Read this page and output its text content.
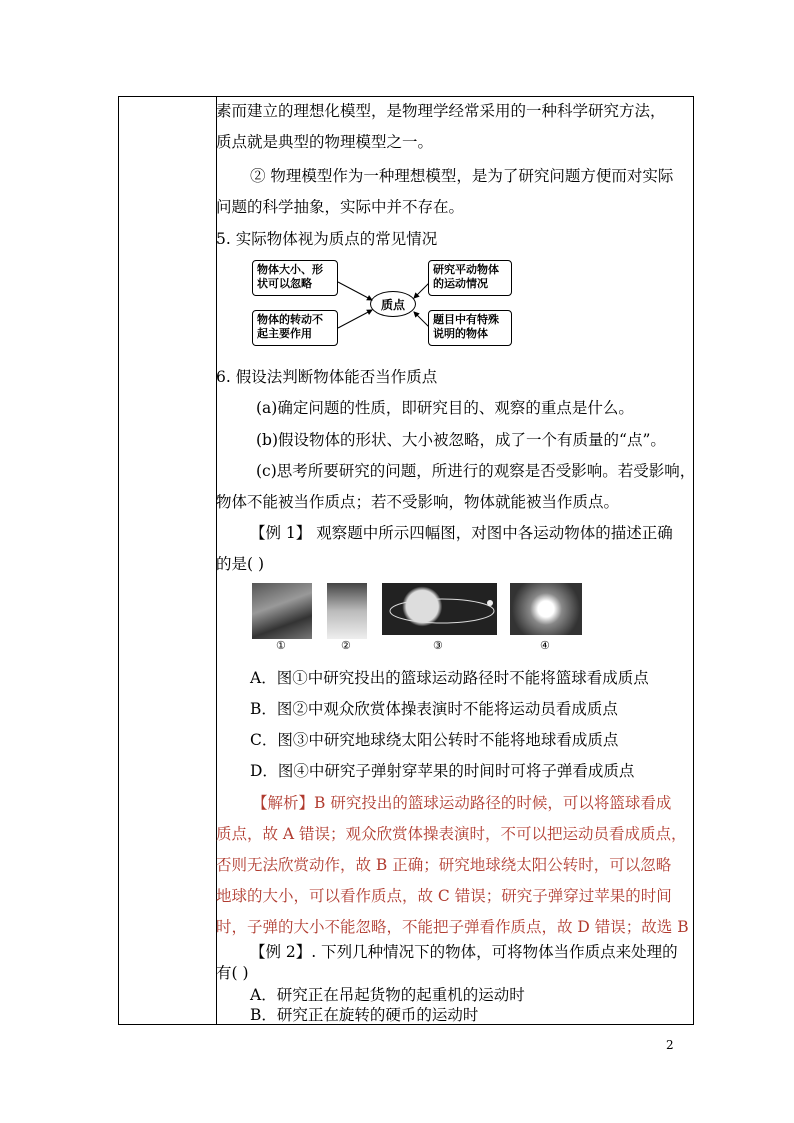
素而建立的理想化模型，是物理学经常采用的一种科学研究方法，
质点就是典型的物理模型之一。
② 物理模型作为一种理想模型，是为了研究问题方便而对实际
问题的科学抽象，实际中并不存在。
5. 实际物体视为质点的常见情况
物体大小、形状可以忽略
物体的转动不起主要作用
质点
研究平动物体的运动情况
题目中有特殊说明的物体
6. 假设法判断物体能否当作质点
(a)确定问题的性质，即研究目的、观察的重点是什么。
(b)假设物体的形状、大小被忽略，成了一个有质量的“点”。
(c)思考所要研究的问题，所进行的观察是否受影响。若受影响，
物体不能被当作质点；若不受影响，物体就能被当作质点。
【例 1】 观察题中所示四幅图，对图中各运动物体的描述正确
的是( )
①	②	③	④
A．图①中研究投出的篮球运动路径时不能将篮球看成质点
B．图②中观众欣赏体操表演时不能将运动员看成质点
C．图③中研究地球绕太阳公转时不能将地球看成质点
D．图④中研究子弹射穿苹果的时间时可将子弹看成质点
【解析】B 研究投出的篮球运动路径的时候，可以将篮球看成
质点，故 A 错误；观众欣赏体操表演时，不可以把运动员看成质点，
否则无法欣赏动作，故 B 正确；研究地球绕太阳公转时，可以忽略
地球的大小，可以看作质点，故 C 错误；研究子弹穿过苹果的时间
时，子弹的大小不能忽略，不能把子弹看作质点，故 D 错误；故选 B
【例 2】. 下列几种情况下的物体，可将物体当作质点来处理的
有( )
A．研究正在吊起货物的起重机的运动时
B．研究正在旋转的硬币的运动时
2
